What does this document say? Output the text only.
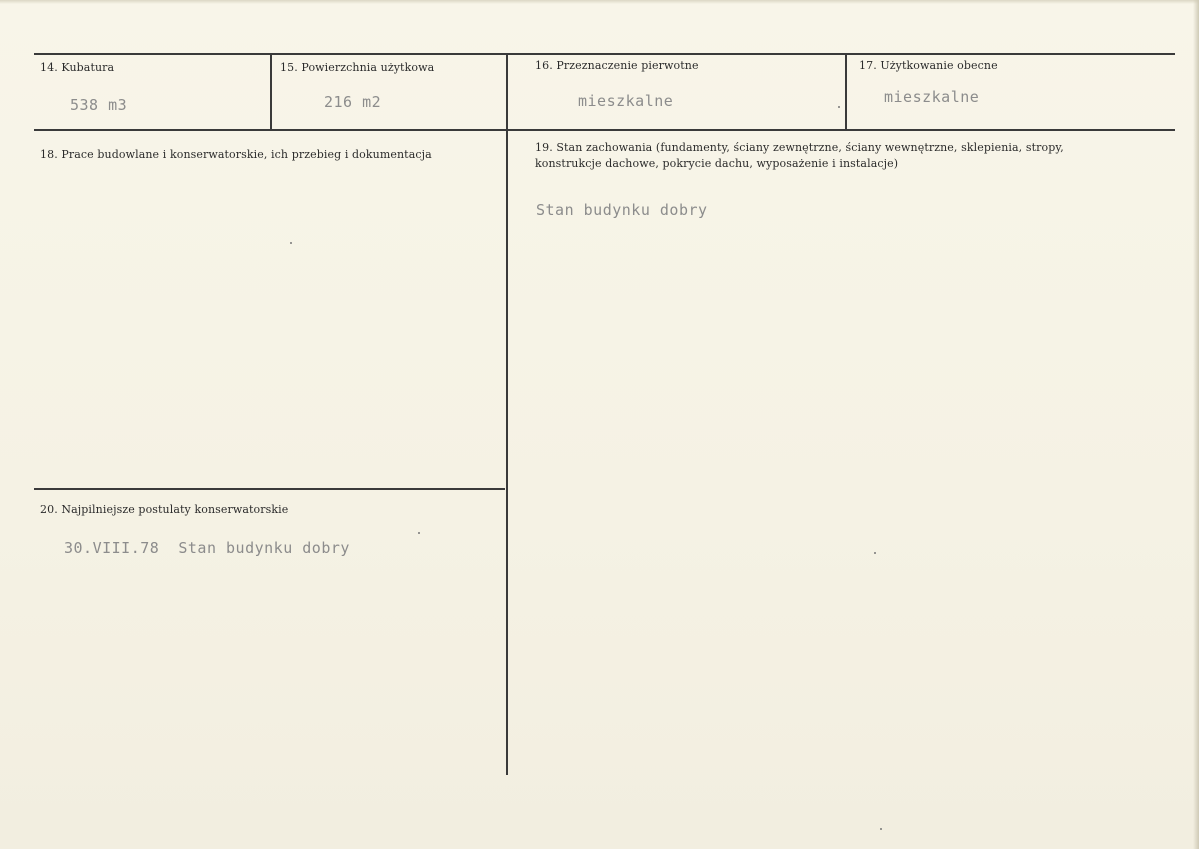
14. Kubatura
538 m3
15. Powierzchnia użytkowa
216 m2
16. Przeznaczenie pierwotne
mieszkalne
17. Użytkowanie obecne
mieszkalne
18. Prace budowlane i konserwatorskie, ich przebieg i dokumentacja
19. Stan zachowania (fundamenty, ściany zewnętrzne, ściany wewnętrzne, sklepienia, stropy,
konstrukcje dachowe, pokrycie dachu, wyposażenie i instalacje)
Stan budynku dobry
20. Najpilniejsze postulaty konserwatorskie
30.VIII.78  Stan budynku dobry
